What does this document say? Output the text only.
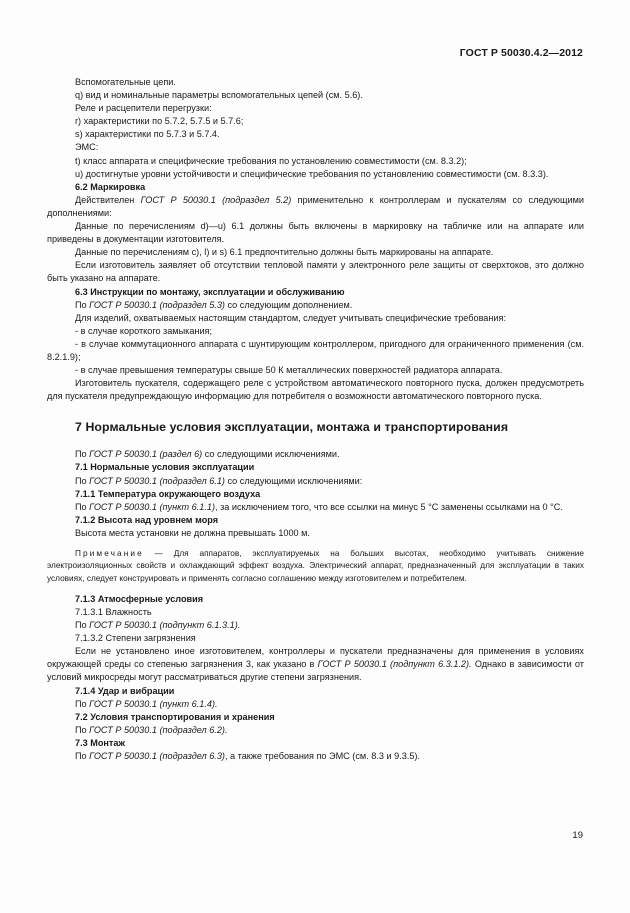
ГОСТ Р 50030.4.2—2012

Вспомогательные цепи.

q) вид и номинальные параметры вспомогательных цепей (см. 5.6).

Реле и расцепители перегрузки:

r) характеристики по 5.7.2, 5.7.5 и 5.7.6;

s) характеристики по 5.7.3 и 5.7.4.

ЭМС:

t) класс аппарата и специфические требования по установлению совместимости (см. 8.3.2);

u) достигнутые уровни устойчивости и специфические требования по установлению совместимости (см. 8.3.3).

6.2 Маркировка

Действителен ГОСТ Р 50030.1 (подраздел 5.2) применительно к контроллерам и пускателям со следующими дополнениями:

Данные по перечислениям d)—u) 6.1 должны быть включены в маркировку на табличке или на аппарате или приведены в документации изготовителя.

Данные по перечислениям с), l) и s) 6.1 предпочтительно должны быть маркированы на аппарате.

Если изготовитель заявляет об отсутствии тепловой памяти у электронного реле защиты от сверхтоков, это должно быть указано на аппарате.

6.3 Инструкции по монтажу, эксплуатации и обслуживанию

По ГОСТ Р 50030.1 (подраздел 5.3) со следующим дополнением.

Для изделий, охватываемых настоящим стандартом, следует учитывать специфические требования:

- в случае короткого замыкания;

- в случае коммутационного аппарата с шунтирующим контроллером, пригодного для ограниченного применения (см. 8.2.1.9);

- в случае превышения температуры свыше 50 К металлических поверхностей радиатора аппарата.

Изготовитель пускателя, содержащего реле с устройством автоматического повторного пуска, должен предусмотреть для пускателя предупреждающую информацию для потребителя о возможности автоматического повторного пуска.

7 Нормальные условия эксплуатации, монтажа и транспортирования

По ГОСТ Р 50030.1 (раздел 6) со следующими исключениями.

7.1 Нормальные условия эксплуатации

По ГОСТ Р 50030.1 (подраздел 6.1) со следующими исключениями:

7.1.1 Температура окружающего воздуха

По ГОСТ Р 50030.1 (пункт 6.1.1), за исключением того, что все ссылки на минус 5 °С заменены ссылками на 0 °С.

7.1.2 Высота над уровнем моря

Высота места установки не должна превышать 1000 м.

Примечание — Для аппаратов, эксплуатируемых на больших высотах, необходимо учитывать снижение электроизоляционных свойств и охлаждающий эффект воздуха. Электрический аппарат, предназначенный для эксплуатации в таких условиях, следует конструировать и применять согласно соглашению между изготовителем и потребителем.

7.1.3 Атмосферные условия

7.1.3.1 Влажность

По ГОСТ Р 50030.1 (подпункт 6.1.3.1).

7.1.3.2 Степени загрязнения

Если не установлено иное изготовителем, контроллеры и пускатели предназначены для применения в условиях окружающей среды со степенью загрязнения 3, как указано в ГОСТ Р 50030.1 (подпункт 6.3.1.2). Однако в зависимости от условий микросреды могут рассматриваться другие степени загрязнения.

7.1.4 Удар и вибрации

По ГОСТ Р 50030.1 (пункт 6.1.4).

7.2 Условия транспортирования и хранения

По ГОСТ Р 50030.1 (подраздел 6.2).

7.3 Монтаж

По ГОСТ Р 50030.1 (подраздел 6.3), а также требования по ЭМС (см. 8.3 и 9.3.5).

19
